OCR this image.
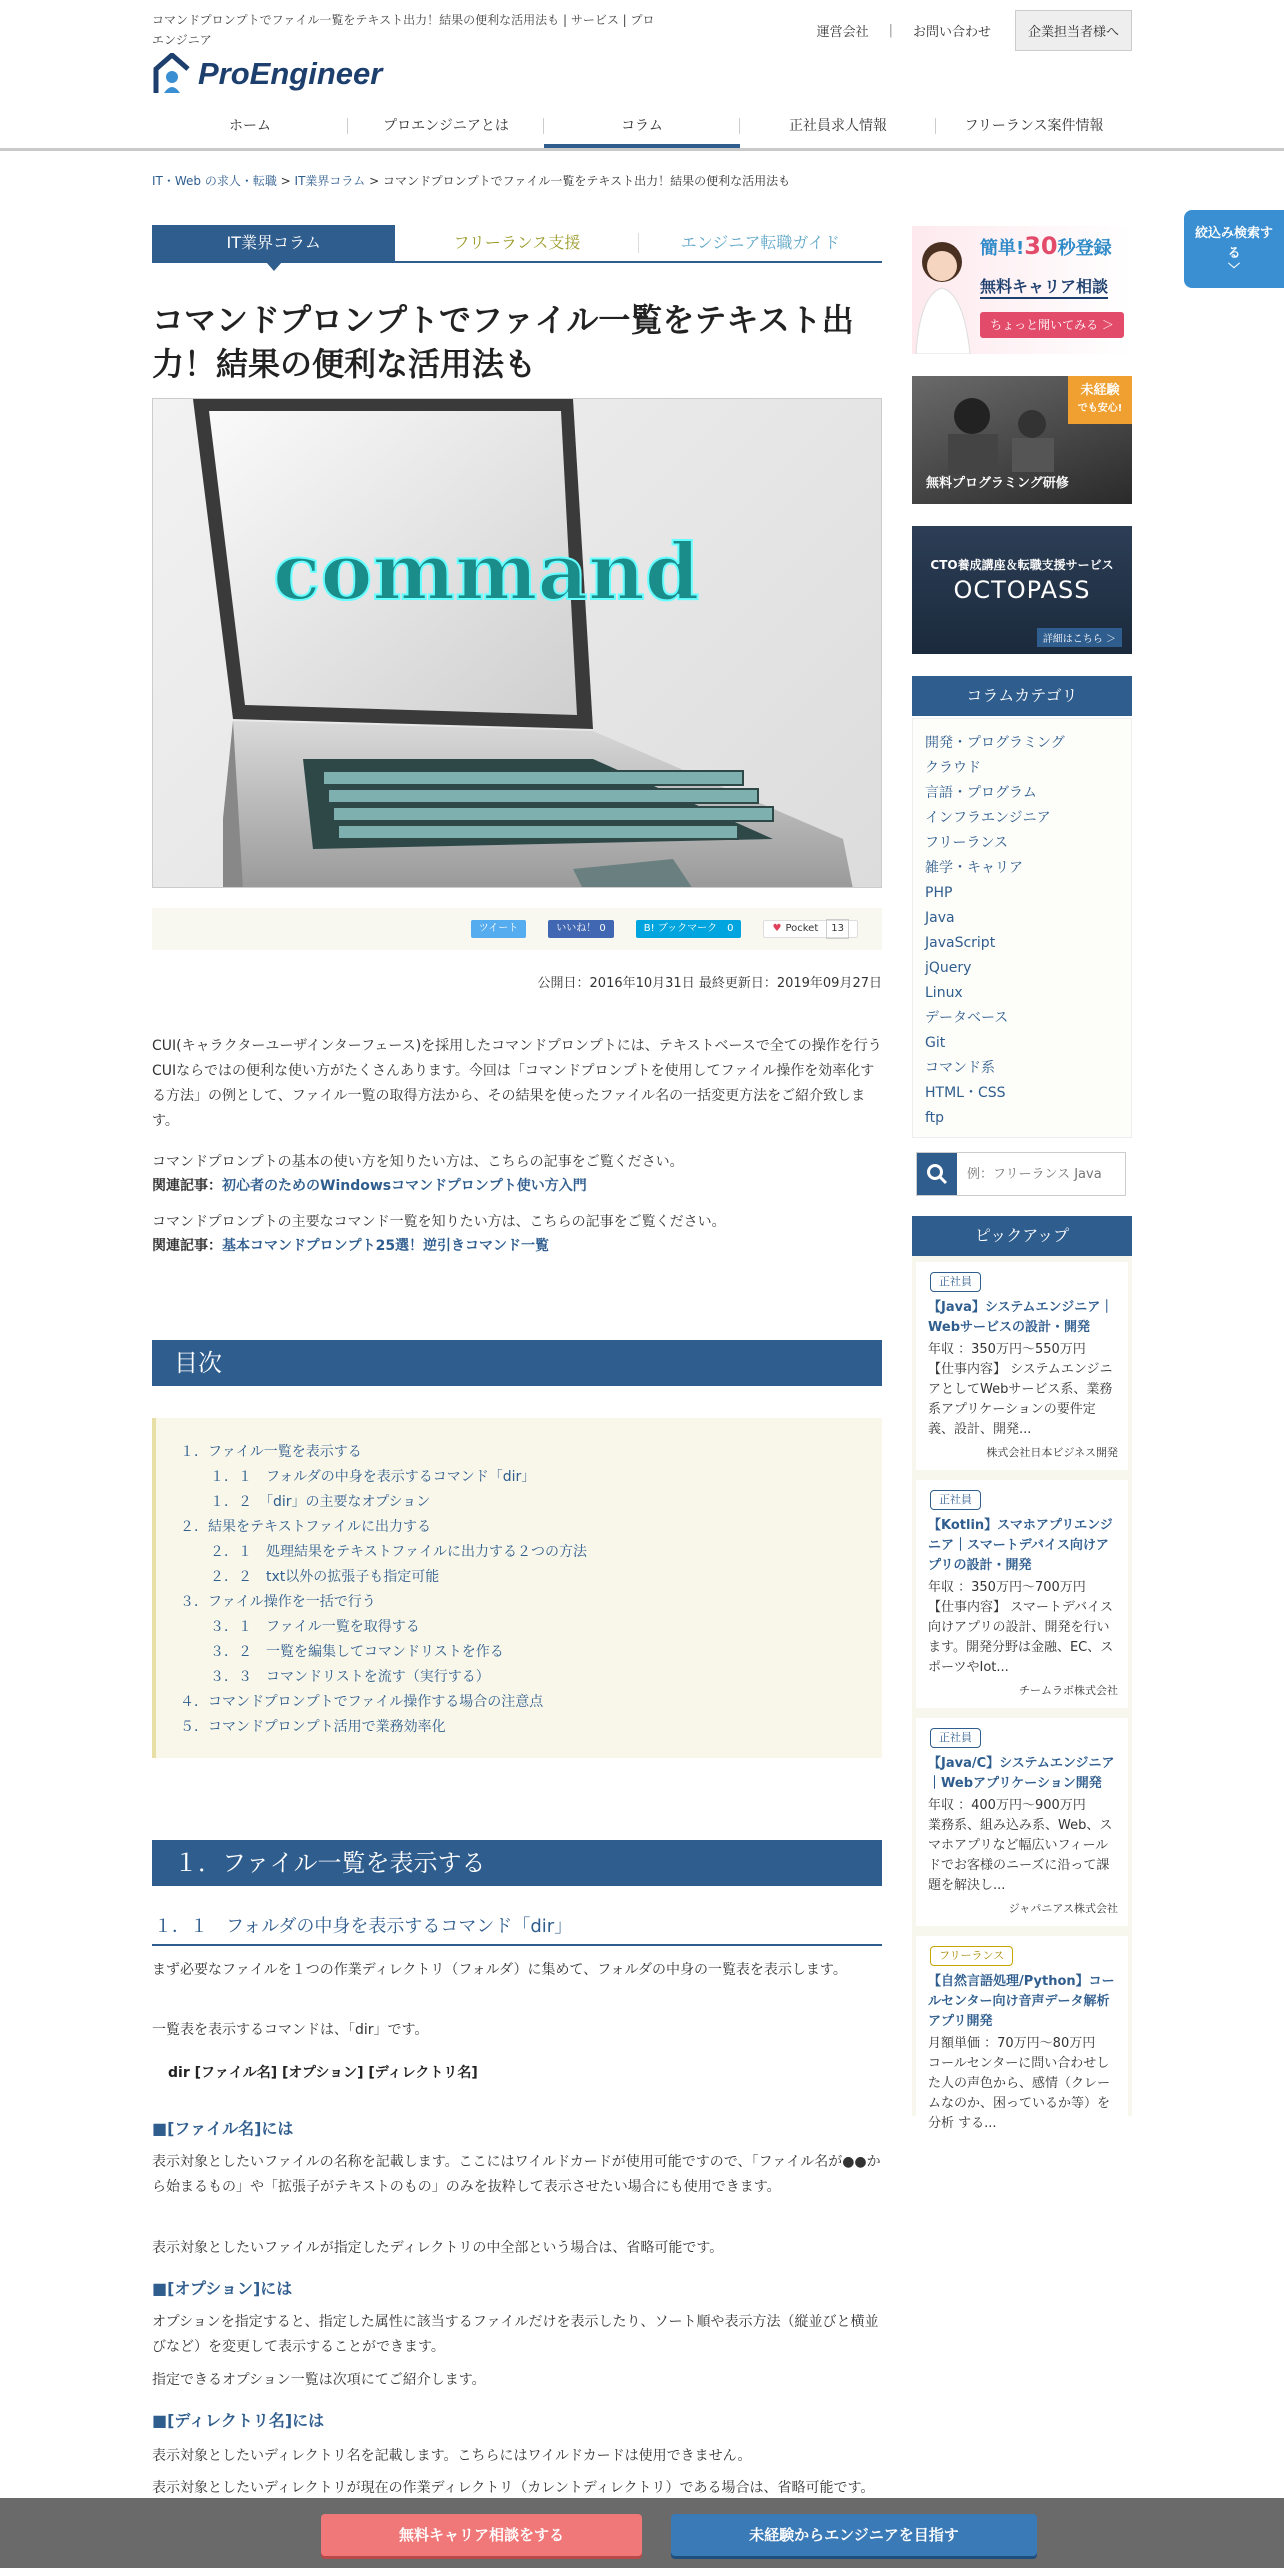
コマンドプロンプトでファイル一覧をテキスト出力！結果の便利な活用法も | サービス | プロエンジニア
ProEngineer
運営会社 | お問い合わせ	企業担当者様へ
ホーム	プロエンジニアとは	コラム	正社員求人情報	フリーランス案件情報
IT・Web の求人・転職 > IT業界コラム > コマンドプロンプトでファイル一覧をテキスト出力！結果の便利な活用法も
IT業界コラム	フリーランス支援	エンジニア転職ガイド
コマンドプロンプトでファイル一覧をテキスト出力！結果の便利な活用法も
command
ツイート	いいね！ 0	B! ブックマーク　0	♥ Pocket	13
公開日：2016年10月31日 最終更新日：2019年09月27日
CUI(キャラクターユーザインターフェース)を採用したコマンドプロンプトには、テキストベースで全ての操作を行うCUIならではの便利な使い方がたくさんあります。今回は「コマンドプロンプトを使用してファイル操作を効率化する方法」の例として、ファイル一覧の取得方法から、その結果を使ったファイル名の一括変更方法をご紹介致します。
コマンドプロンプトの基本の使い方を知りたい方は、こちらの記事をご覧ください。
関連記事：初心者のためのWindowsコマンドプロンプト使い方入門
コマンドプロンプトの主要なコマンド一覧を知りたい方は、こちらの記事をご覧ください。
関連記事：基本コマンドプロンプト25選！逆引きコマンド一覧
目次
１．ファイル一覧を表示する
１．１　フォルダの中身を表示するコマンド「dir」
１．２　「dir」の主要なオプション
２．結果をテキストファイルに出力する
２．１　処理結果をテキストファイルに出力する２つの方法
２．２　txt以外の拡張子も指定可能
３．ファイル操作を一括で行う
３．１　ファイル一覧を取得する
３．２　一覧を編集してコマンドリストを作る
３．３　コマンドリストを流す（実行する）
４．コマンドプロンプトでファイル操作する場合の注意点
５．コマンドプロンプト活用で業務効率化
１．ファイル一覧を表示する
１．１　フォルダの中身を表示するコマンド「dir」
まず必要なファイルを１つの作業ディレクトリ（フォルダ）に集めて、フォルダの中身の一覧表を表示します。
一覧表を表示するコマンドは、「dir」です。
dir [ファイル名] [オプション] [ディレクトリ名]
■[ファイル名]には
表示対象としたいファイルの名称を記載します。ここにはワイルドカードが使用可能ですので、「ファイル名が●●から始まるもの」や「拡張子がテキストのもの」のみを抜粋して表示させたい場合にも使用できます。
表示対象としたいファイルが指定したディレクトリの中全部という場合は、省略可能です。
■[オプション]には
オプションを指定すると、指定した属性に該当するファイルだけを表示したり、ソート順や表示方法（縦並びと横並びなど）を変更して表示することができます。
指定できるオプション一覧は次項にてご紹介します。
■[ディレクトリ名]には
表示対象としたいディレクトリ名を記載します。こちらにはワイルドカードは使用できません。
表示対象としたいディレクトリが現在の作業ディレクトリ（カレントディレクトリ）である場合は、省略可能です。
簡単!30秒登録
無料キャリア相談
ちょっと聞いてみる ＞
未経験
でも安心!
無料プログラミング研修
CTO養成講座＆転職支援サービス
OCTOPASS
詳細はこちら ＞
コラムカテゴリ
開発・プログラミング
クラウド
言語・プログラム
インフラエンジニア
フリーランス
雑学・キャリア
PHP
Java
JavaScript
jQuery
Linux
データベース
Git
コマンド系
HTML・CSS
ftp
例：フリーランス Java
ピックアップ
正社員
【Java】システムエンジニア｜Webサービスの設計・開発
年収 ：350万円〜550万円
【仕事内容】 システムエンジニアとしてWebサービス系、業務系アプリケーションの要件定義、設計、開発...
株式会社日本ビジネス開発
正社員
【Kotlin】スマホアプリエンジニア｜スマートデバイス向けアプリの設計・開発
年収 ：350万円〜700万円
【仕事内容】 スマートデバイス向けアプリの設計、開発を行います。開発分野は金融、EC、スポーツやIot...
チームラボ株式会社
正社員
【Java/C】システムエンジニア｜Webアプリケーション開発
年収 ：400万円〜900万円
業務系、組み込み系、Web、スマホアプリなど幅広いフィールドでお客様のニーズに沿って課題を解決し...
ジャパニアス株式会社
フリーランス
【自然言語処理/Python】コールセンター向け音声データ解析アプリ開発
月額単価 ：70万円〜80万円
コールセンターに問い合わせした人の声色から、感情（クレームなのか、困っているか等）を分析 する...
絞込み検索する
﹀
無料キャリア相談をする	未経験からエンジニアを目指す
